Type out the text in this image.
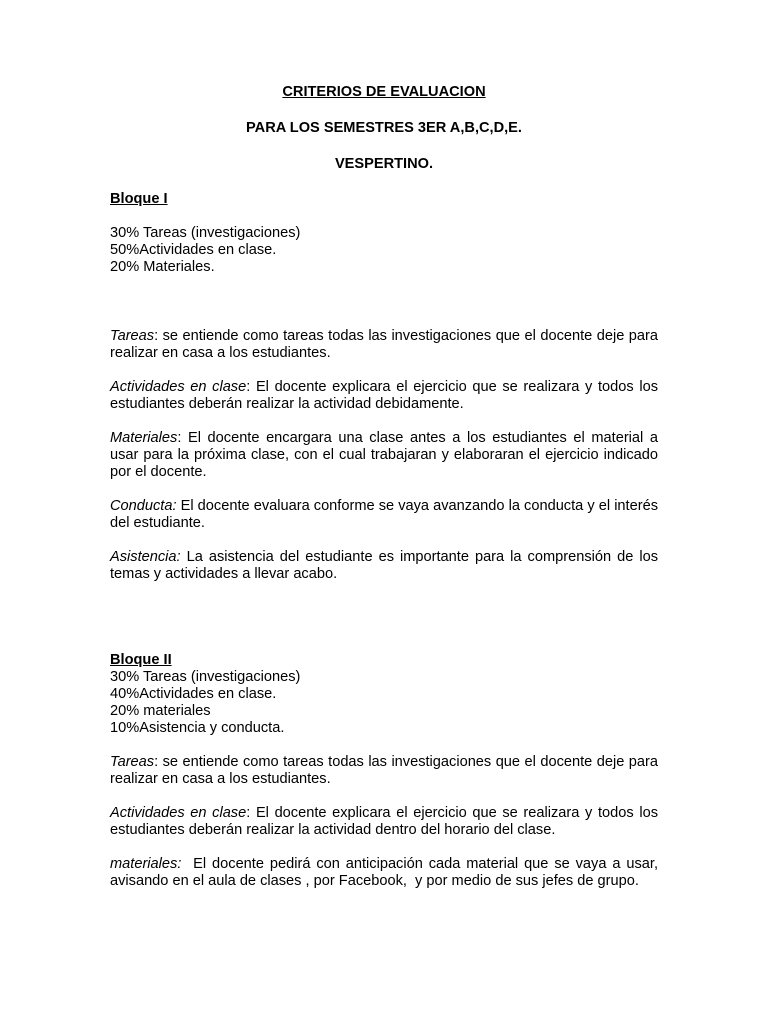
CRITERIOS DE EVALUACION
PARA LOS SEMESTRES 3ER A,B,C,D,E.
VESPERTINO.
Bloque I
30% Tareas (investigaciones)
50%Actividades en clase.
20% Materiales.

Tareas: se entiende como tareas todas las investigaciones que el docente deje para realizar en casa a los estudiantes.

Actividades en clase: El docente explicara el ejercicio que se realizara y todos los estudiantes deberán realizar la actividad debidamente.

Materiales: El docente encargara una clase antes a los estudiantes el material a usar para la próxima clase, con el cual trabajaran y elaboraran el ejercicio indicado por el docente.

Conducta: El docente evaluara conforme se vaya avanzando la conducta y el interés del estudiante.

Asistencia: La asistencia del estudiante es importante para la comprensión de los temas y actividades a llevar acabo.

Bloque II
30% Tareas (investigaciones)
40%Actividades en clase.
20% materiales
10%Asistencia y conducta.

Tareas: se entiende como tareas todas las investigaciones que el docente deje para realizar en casa a los estudiantes.

Actividades en clase: El docente explicara el ejercicio que se realizara y todos los estudiantes deberán realizar la actividad dentro del horario del clase.

materiales:  El docente pedirá con anticipación cada material que se vaya a usar, avisando en el aula de clases , por Facebook,  y por medio de sus jefes de grupo.
